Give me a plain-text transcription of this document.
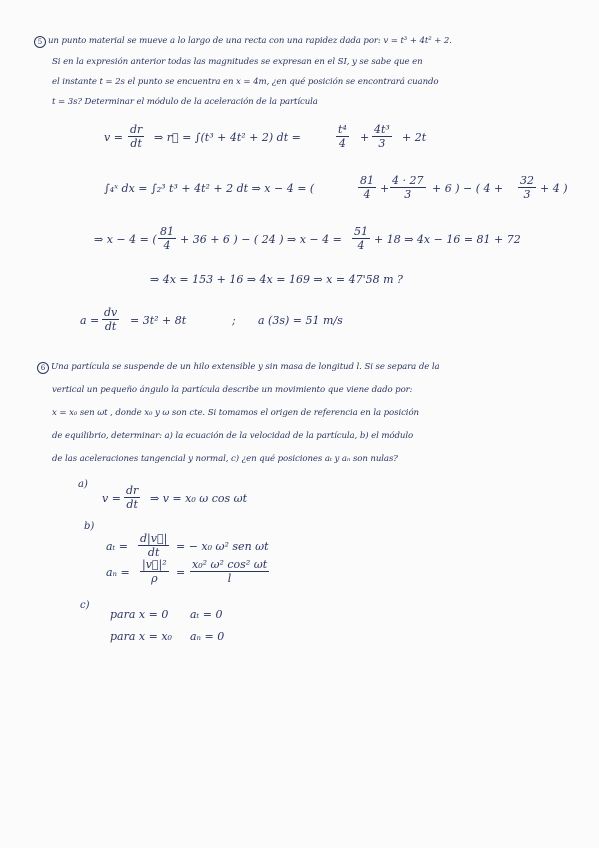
5 un punto material se mueve a lo largo de una recta con una rapidez dada por: v = t³ + 4t² + 2.
Si en la expresión anterior todas las magnitudes se expresan en el SI, y se sabe que en
el instante t = 2s el punto se encuentra en x = 4m, ¿en qué posición se encontrará cuando
t = 3s? Determinar el módulo de la aceleración de la partícula
v =
dr
dt ⇒ r⃗ = ∫(t³ + 4t² + 2) dt =
t⁴
4 +
4t³
3 + 2t
∫₄ˣ dx = ∫₂³ t³ + 4t² + 2 dt ⇒ x − 4 = (
81
4 +
4 · 27
3 + 6 ) − ( 4 +
32
3 + 4 )
⇒ x − 4 = (
81
4 + 36 + 6 ) − ( 24 ) ⇒ x − 4 =
51
4 + 18 ⇒ 4x − 16 = 81 + 72
⇒ 4x = 153 + 16 ⇒ 4x = 169 ⇒ x = 47'58 m ?
a =
dv
dt = 3t² + 8t	; a (3s) = 51 m/s
6 Una partícula se suspende de un hilo extensible y sin masa de longitud l. Si se separa de la
vertical un pequeño ángulo la partícula describe un movimiento que viene dado por:
x = x₀ sen ωt , donde x₀ y ω son cte. Si tomamos el origen de referencia en la posición
de equilibrio, determinar: a) la ecuación de la velocidad de la partícula, b) el módulo
de las aceleraciones tangencial y normal, c) ¿en qué posiciones aₜ y aₙ son nulas?
a)
v =
dr
dt ⇒ v = x₀ ω cos ωt
b)
aₜ =
d|v⃗|
dt = − x₀ ω² sen ωt
aₙ =
|v⃗|²
ρ =
x₀² ω² cos² ωt
l
c)
para x = 0 aₜ = 0
para x = x₀ aₙ = 0
